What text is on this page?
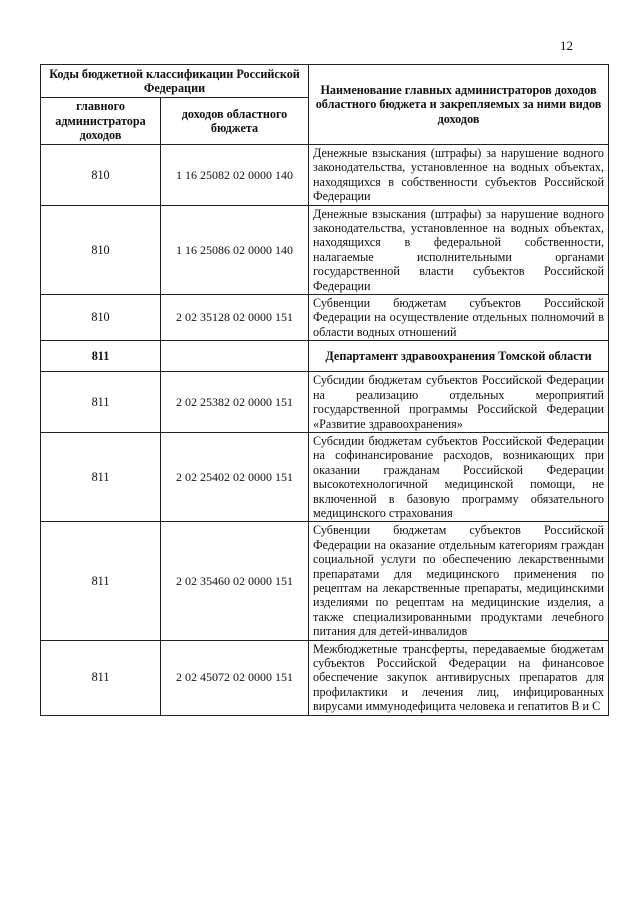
12
Коды бюджетной классификации Российской Федерации		Наименование главных администраторов доходов областного бюджета и закрепляемых за ними видов доходов
главного администратора доходов	доходов областного бюджета	
810	1 16 25082 02 0000 140	Денежные взыскания (штрафы) за нарушение водного законодательства, установленное на водных объектах, находящихся в собственности субъектов Российской Федерации
810	1 16 25086 02 0000 140	Денежные взыскания (штрафы) за нарушение водного законодательства, установленное на водных объектах, находящихся в федеральной собственности, налагаемые исполнительными органами государственной власти субъектов Российской Федерации
810	2 02 35128 02 0000 151	Субвенции бюджетам субъектов Российской Федерации на осуществление отдельных полномочий в области водных отношений
811		Департамент здравоохранения Томской области
811	2 02 25382 02 0000 151	Субсидии бюджетам субъектов Российской Федерации на реализацию отдельных мероприятий государственной программы Российской Федерации «Развитие здравоохранения»
811	2 02 25402 02 0000 151	Субсидии бюджетам субъектов Российской Федерации на софинансирование расходов, возникающих при оказании гражданам Российской Федерации высокотехнологичной медицинской помощи, не включенной в базовую программу обязательного медицинского страхования
811	2 02 35460 02 0000 151	Субвенции бюджетам субъектов Российской Федерации на оказание отдельным категориям граждан социальной услуги по обеспечению лекарственными препаратами для медицинского применения по рецептам на лекарственные препараты, медицинскими изделиями по рецептам на медицинские изделия, а также специализированными продуктами лечебного питания для детей-инвалидов
811	2 02 45072 02 0000 151	Межбюджетные трансферты, передаваемые бюджетам субъектов Российской Федерации на финансовое обеспечение закупок антивирусных препаратов для профилактики и лечения лиц, инфицированных вирусами иммунодефицита человека и гепатитов B и C
